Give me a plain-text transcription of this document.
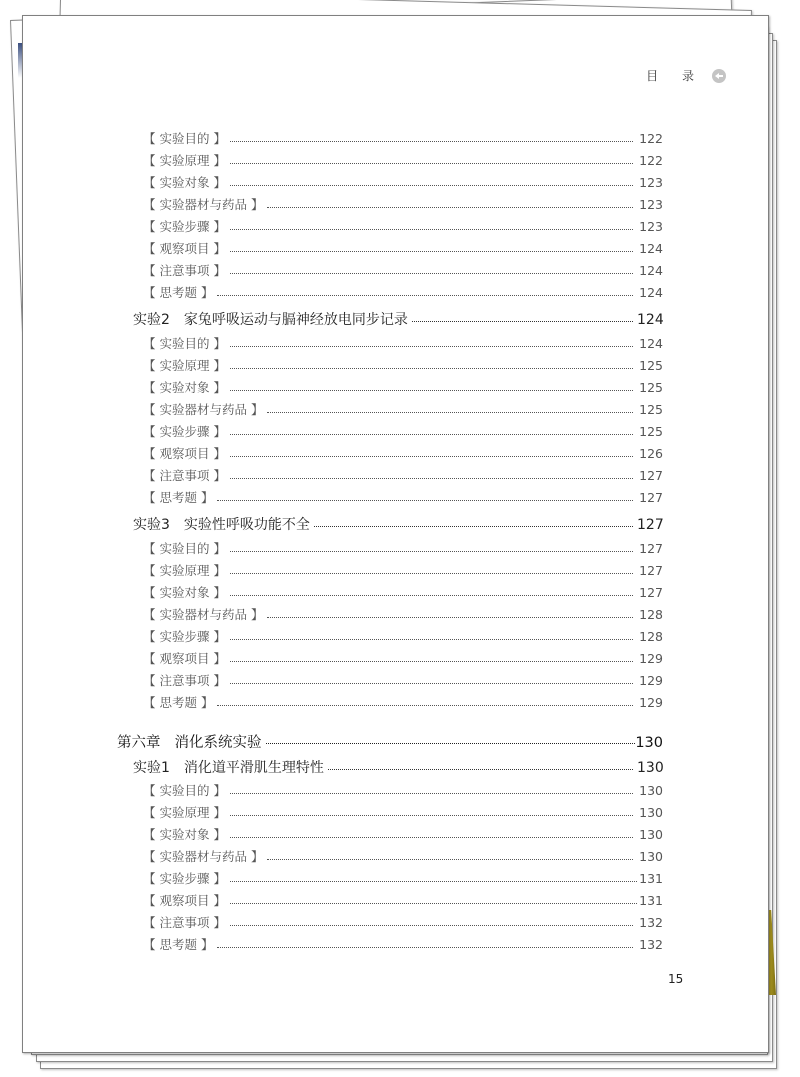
目 录
【 实验目的 】	122
【 实验原理 】	122
【 实验对象 】	123
【 实验器材与药品 】	123
【 实验步骤 】	123
【 观察项目 】	124
【 注意事项 】	124
【 思考题 】	124
实验2 家兔呼吸运动与膈神经放电同步记录	124
【 实验目的 】	124
【 实验原理 】	125
【 实验对象 】	125
【 实验器材与药品 】	125
【 实验步骤 】	125
【 观察项目 】	126
【 注意事项 】	127
【 思考题 】	127
实验3 实验性呼吸功能不全	127
【 实验目的 】	127
【 实验原理 】	127
【 实验对象 】	127
【 实验器材与药品 】	128
【 实验步骤 】	128
【 观察项目 】	129
【 注意事项 】	129
【 思考题 】	129
第六章 消化系统实验	130
实验1 消化道平滑肌生理特性	130
【 实验目的 】	130
【 实验原理 】	130
【 实验对象 】	130
【 实验器材与药品 】	130
【 实验步骤 】	131
【 观察项目 】	131
【 注意事项 】	132
【 思考题 】	132
15
